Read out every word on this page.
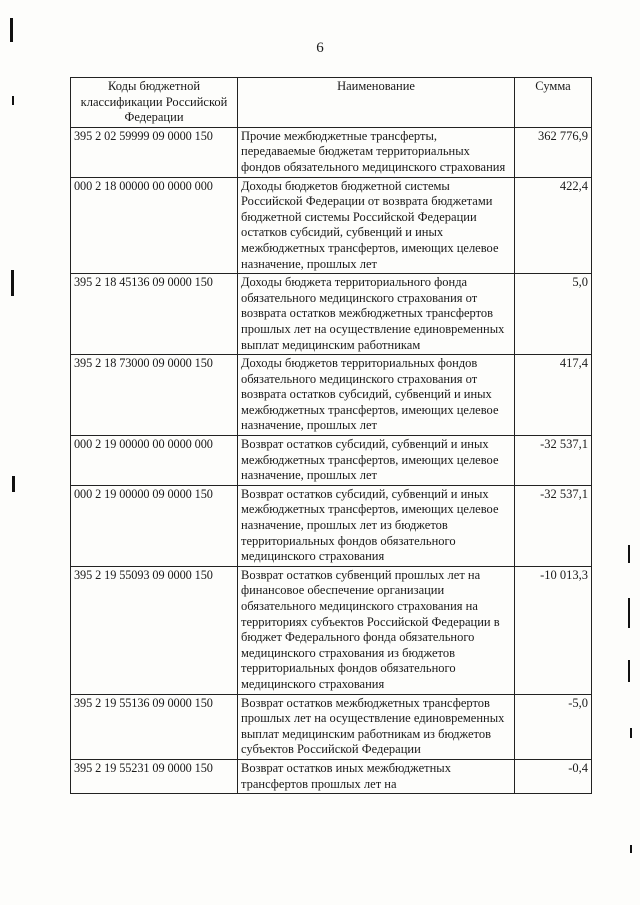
6
Коды бюджетной классификации Российской Федерации	Наименование	Сумма
395 2 02 59999 09 0000 150	Прочие межбюджетные трансферты, передаваемые бюджетам территориальных фондов обязательного медицинского страхования	362 776,9
000 2 18 00000 00 0000 000	Доходы бюджетов бюджетной системы Российской Федерации от возврата бюджетами бюджетной системы Российской Федерации остатков субсидий, субвенций и иных межбюджетных трансфертов, имеющих целевое назначение, прошлых лет	422,4
395 2 18 45136 09 0000 150	Доходы бюджета территориального фонда обязательного медицинского страхования от возврата остатков межбюджетных трансфертов прошлых лет на осуществление единовременных выплат медицинским работникам	5,0
395 2 18 73000 09 0000 150	Доходы бюджетов территориальных фондов обязательного медицинского страхования от возврата остатков субсидий, субвенций и иных межбюджетных трансфертов, имеющих целевое назначение, прошлых лет	417,4
000 2 19 00000 00 0000 000	Возврат остатков субсидий, субвенций и иных межбюджетных трансфертов, имеющих целевое назначение, прошлых лет	-32 537,1
000 2 19 00000 09 0000 150	Возврат остатков субсидий, субвенций и иных межбюджетных трансфертов, имеющих целевое назначение, прошлых лет из бюджетов территориальных фондов обязательного медицинского страхования	-32 537,1
395 2 19 55093 09 0000 150	Возврат остатков субвенций прошлых лет на финансовое обеспечение организации обязательного медицинского страхования на территориях субъектов Российской Федерации в бюджет Федерального фонда обязательного медицинского страхования из бюджетов территориальных фондов обязательного медицинского страхования	-10 013,3
395 2 19 55136 09 0000 150	Возврат остатков межбюджетных трансфертов прошлых лет на осуществление единовременных выплат медицинским работникам из бюджетов субъектов Российской Федерации	-5,0
395 2 19 55231 09 0000 150	Возврат остатков иных межбюджетных трансфертов прошлых лет на	-0,4
